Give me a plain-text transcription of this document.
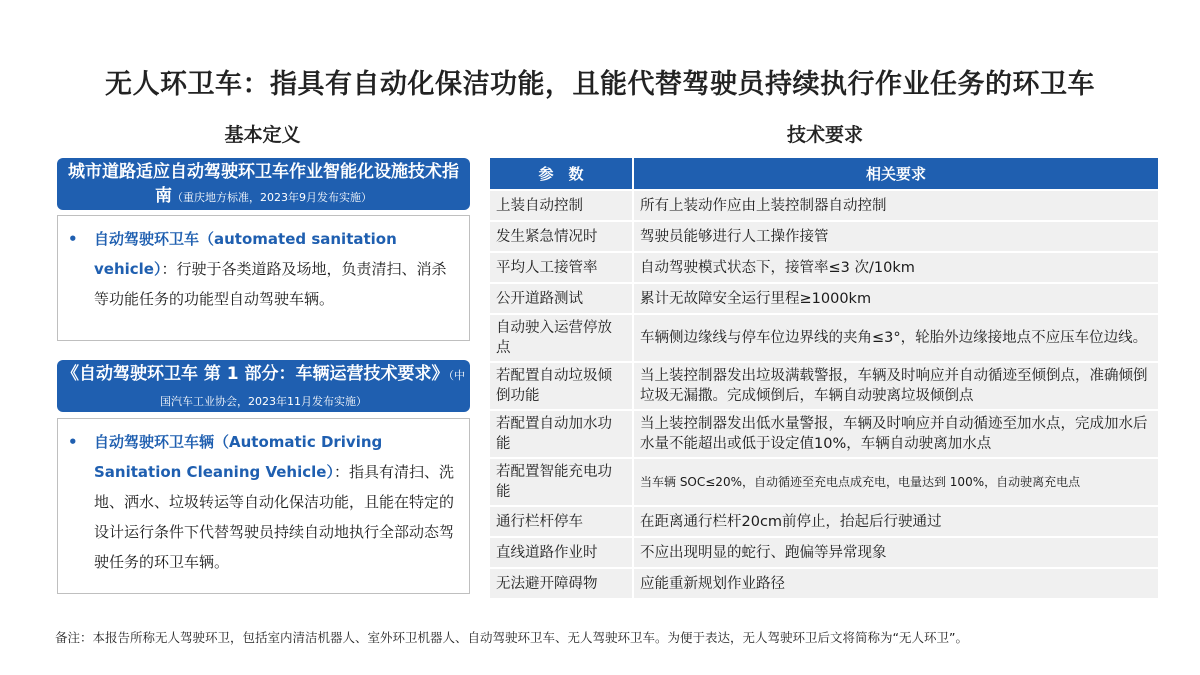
无人环卫车：指具有自动化保洁功能，且能代替驾驶员持续执行作业任务的环卫车
基本定义	技术要求
城市道路适应自动驾驶环卫车作业智能化设施技术指南（重庆地方标准，2023年9月发布实施）
•	自动驾驶环卫车（automated sanitation vehicle）：行驶于各类道路及场地，负责清扫、消杀等功能任务的功能型自动驾驶车辆。
《自动驾驶环卫车 第 1 部分：车辆运营技术要求》（中国汽车工业协会，2023年11月发布实施）
•	自动驾驶环卫车辆（Automatic Driving Sanitation Cleaning Vehicle）：指具有清扫、洗地、洒水、垃圾转运等自动化保洁功能，且能在特定的设计运行条件下代替驾驶员持续自动地执行全部动态驾驶任务的环卫车辆。
参　数	相关要求
上装自动控制	所有上装动作应由上装控制器自动控制
发生紧急情况时	驾驶员能够进行人工操作接管
平均人工接管率	自动驾驶模式状态下，接管率≤3 次/10km
公开道路测试	累计无故障安全运行里程≥1000km
自动驶入运营停放点	车辆侧边缘线与停车位边界线的夹角≤3°，轮胎外边缘接地点不应压车位边线。
若配置自动垃圾倾倒功能	当上装控制器发出垃圾满载警报，车辆及时响应并自动循迹至倾倒点，准确倾倒垃圾无漏撒。完成倾倒后，车辆自动驶离垃圾倾倒点
若配置自动加水功能	当上装控制器发出低水量警报，车辆及时响应并自动循迹至加水点，完成加水后水量不能超出或低于设定值10%，车辆自动驶离加水点
若配置智能充电功能	当车辆 SOC≤20%，自动循迹至充电点成充电，电量达到 100%，自动驶离充电点
通行栏杆停车	在距离通行栏杆20cm前停止，抬起后行驶通过
直线道路作业时	不应出现明显的蛇行、跑偏等异常现象
无法避开障碍物	应能重新规划作业路径
备注：本报告所称无人驾驶环卫，包括室内清洁机器人、室外环卫机器人、自动驾驶环卫车、无人驾驶环卫车。为便于表达，无人驾驶环卫后文将简称为“无人环卫”。
